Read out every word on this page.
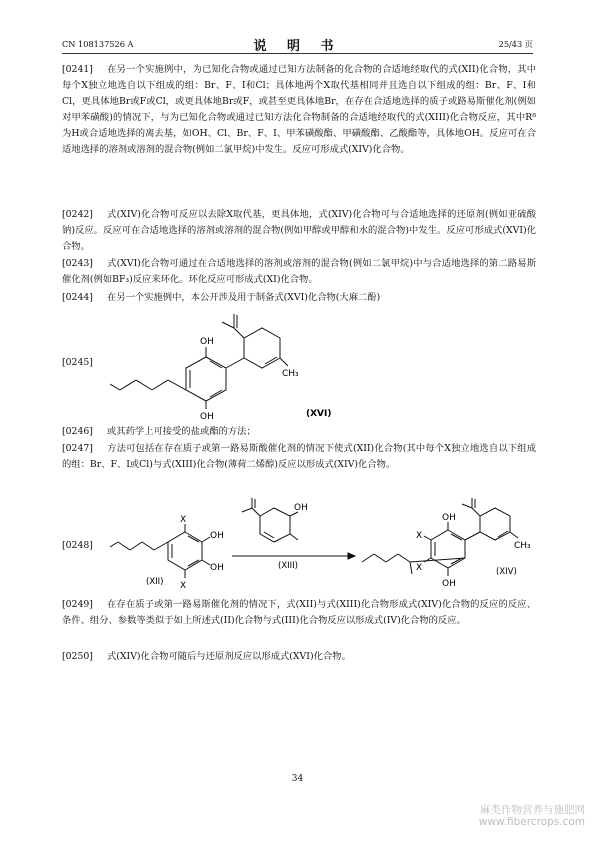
CN 108137526 A	说 明 书	25/43 页
[0241] 在另一个实施例中，为已知化合物或通过已知方法制备的化合物的合适地经取代的式(XII)化合物，其中每个X独立地选自以下组成的组：Br、F、I和Cl；具体地两个X取代基相同并且选自以下组成的组：Br、F、I和Cl，更具体地Br或F或Cl，或更具体地Br或F，或甚至更具体地Br，在存在合适地选择的质子或路易斯催化剂(例如对甲苯磺酸)的情况下，与为已知化合物或通过已知方法化合物制备的合适地经取代的式(XIII)化合物反应，其中R⁸为H或合适地选择的离去基，如OH、Cl、Br、F、I、甲苯磺酸酯、甲磺酸酯、乙酸酯等，具体地OH。反应可在合适地选择的溶剂或溶剂的混合物(例如二氯甲烷)中发生。反应可形成式(XIV)化合物。
[0242] 式(XIV)化合物可反应以去除X取代基，更具体地，式(XIV)化合物可与合适地选择的还原剂(例如亚硫酸钠)反应。反应可在合适地选择的溶剂或溶剂的混合物(例如甲醇或甲醇和水的混合物)中发生。反应可形成式(XVI)化合物。
[0243] 式(XVI)化合物可通过在合适地选择的溶剂或溶剂的混合物(例如二氯甲烷)中与合适地选择的第二路易斯催化剂(例如BF₃)反应来环化。环化反应可形成式(XI)化合物。
[0244] 在另一个实施例中，本公开涉及用于制备式(XVI)化合物(大麻二酚)
[0245]
OH
OH
CH₃
(XVI)
[0246] 或其药学上可接受的盐或酯的方法；
[0247] 方法可包括在存在质子或第一路易斯酸催化剂的情况下使式(XII)化合物(其中每个X独立地选自以下组成的组：Br、F、I或Cl)与式(XIII)化合物(薄荷二烯醇)反应以形成式(XIV)化合物。
[0248]
X
X
OH
OH
(XII)
OH
(XIII)
OH
OH
X
X
CH₃
(XIV)
[0249] 在存在质子或第一路易斯催化剂的情况下，式(XII)与式(XIII)化合物形成式(XIV)化合物的反应的反应、条件、组分、参数等类似于如上所述式(II)化合物与式(III)化合物反应以形成式(IV)化合物的反应。
[0250] 式(XIV)化合物可随后与还原剂反应以形成式(XVI)化合物。
34
麻类作物营养与施肥网
www.fibercrops.com
